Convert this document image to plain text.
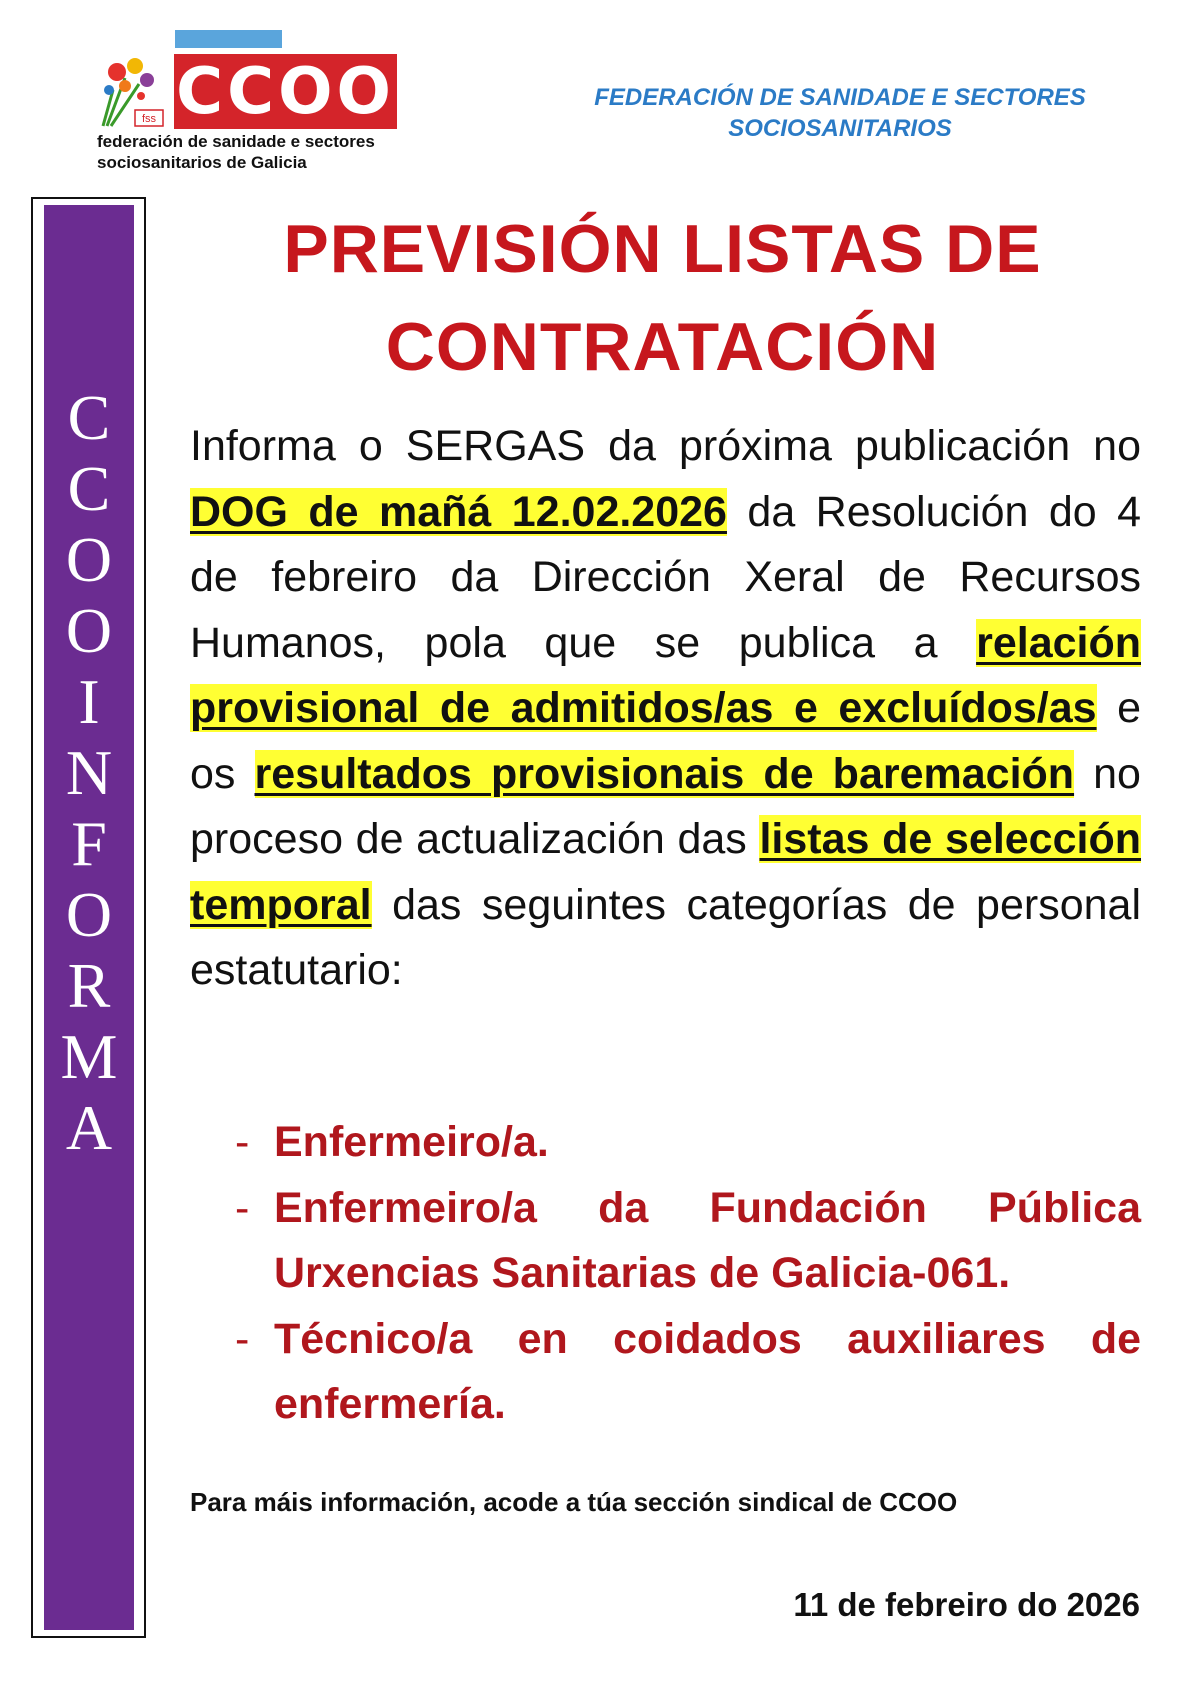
fss CCOO
federación de sanidade e sectores
sociosanitarios de Galicia
FEDERACIÓN DE SANIDADE E SECTORES
SOCIOSANITARIOS
C
C
O
O
I
N
F
O
R
M
A
PREVISIÓN LISTAS DE
CONTRATACIÓN
Informa o SERGAS da próxima publicación no DOG de mañá 12.02.2026 da Resolución do 4 de febreiro da Dirección Xeral de Recursos Humanos, pola que se publica a relación provisional de admitidos/as e excluídos/as e os resultados provisionais de baremación no proceso de actualización das listas de selección temporal das seguintes categorías de personal estatutario:
- Enfermeiro/a.
- Enfermeiro/a da Fundación Pública Urxencias Sanitarias de Galicia-061.
- Técnico/a en coidados auxiliares de enfermería.
Para máis información, acode a túa sección sindical de CCOO
11 de febreiro do 2026
